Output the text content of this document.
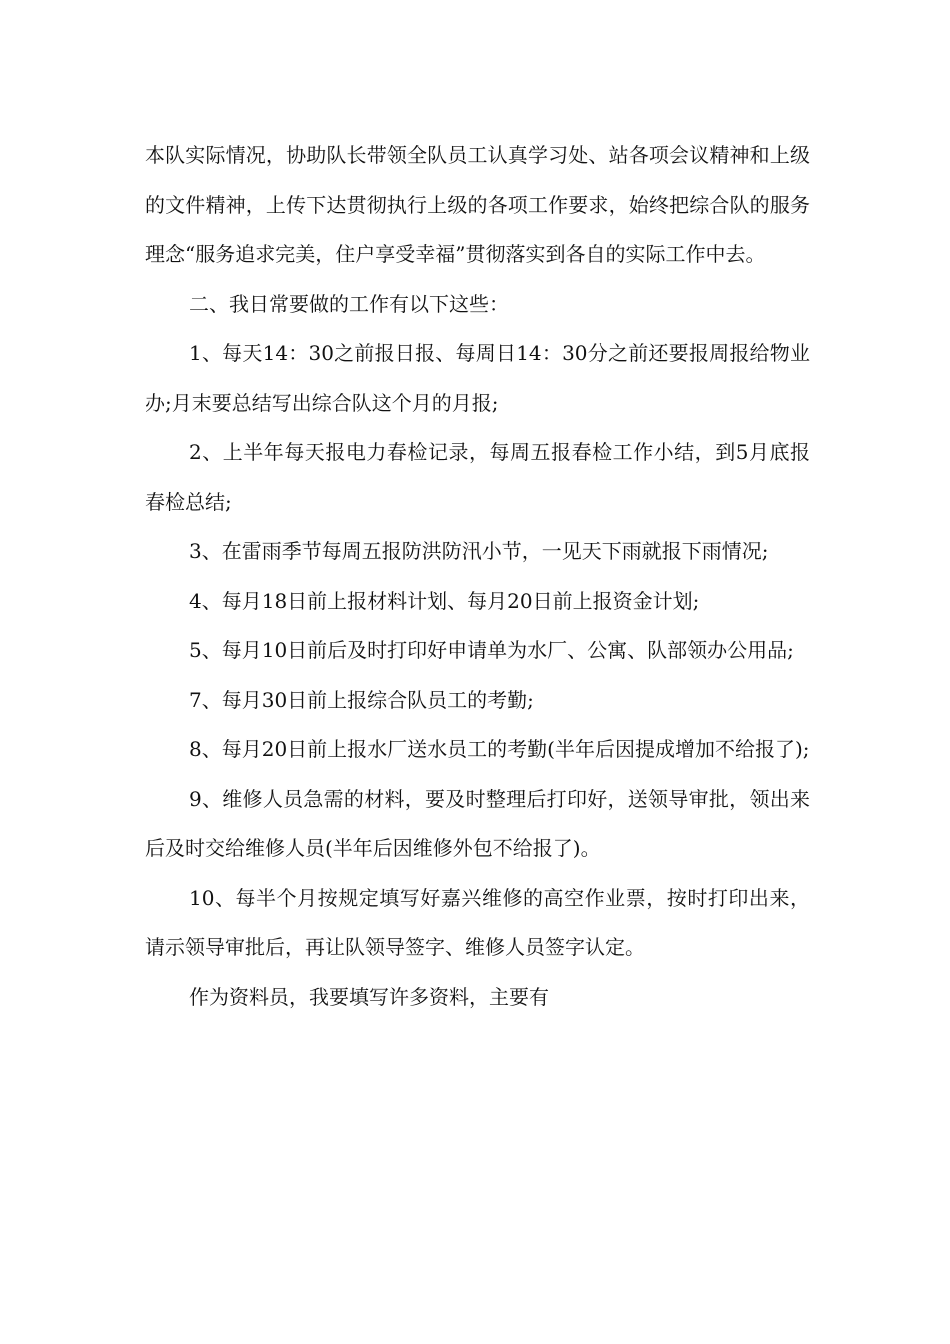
本队实际情况，协助队长带领全队员工认真学习处、站各项会议精神和上级的文件精神，上传下达贯彻执行上级的各项工作要求，始终把综合队的服务理念“服务追求完美，住户享受幸福”贯彻落实到各自的实际工作中去。

二、我日常要做的工作有以下这些：

1、每天14：30之前报日报、每周日14：30分之前还要报周报给物业办;月末要总结写出综合队这个月的月报;

2、上半年每天报电力春检记录，每周五报春检工作小结，到5月底报春检总结;

3、在雷雨季节每周五报防洪防汛小节，一见天下雨就报下雨情况;

4、每月18日前上报材料计划、每月20日前上报资金计划;

5、每月10日前后及时打印好申请单为水厂、公寓、队部领办公用品;

7、每月30日前上报综合队员工的考勤;

8、每月20日前上报水厂送水员工的考勤(半年后因提成增加不给报了);

9、维修人员急需的材料，要及时整理后打印好，送领导审批，领出来后及时交给维修人员(半年后因维修外包不给报了)。

10、每半个月按规定填写好嘉兴维修的高空作业票，按时打印出来，请示领导审批后，再让队领导签字、维修人员签字认定。

作为资料员，我要填写许多资料，主要有
